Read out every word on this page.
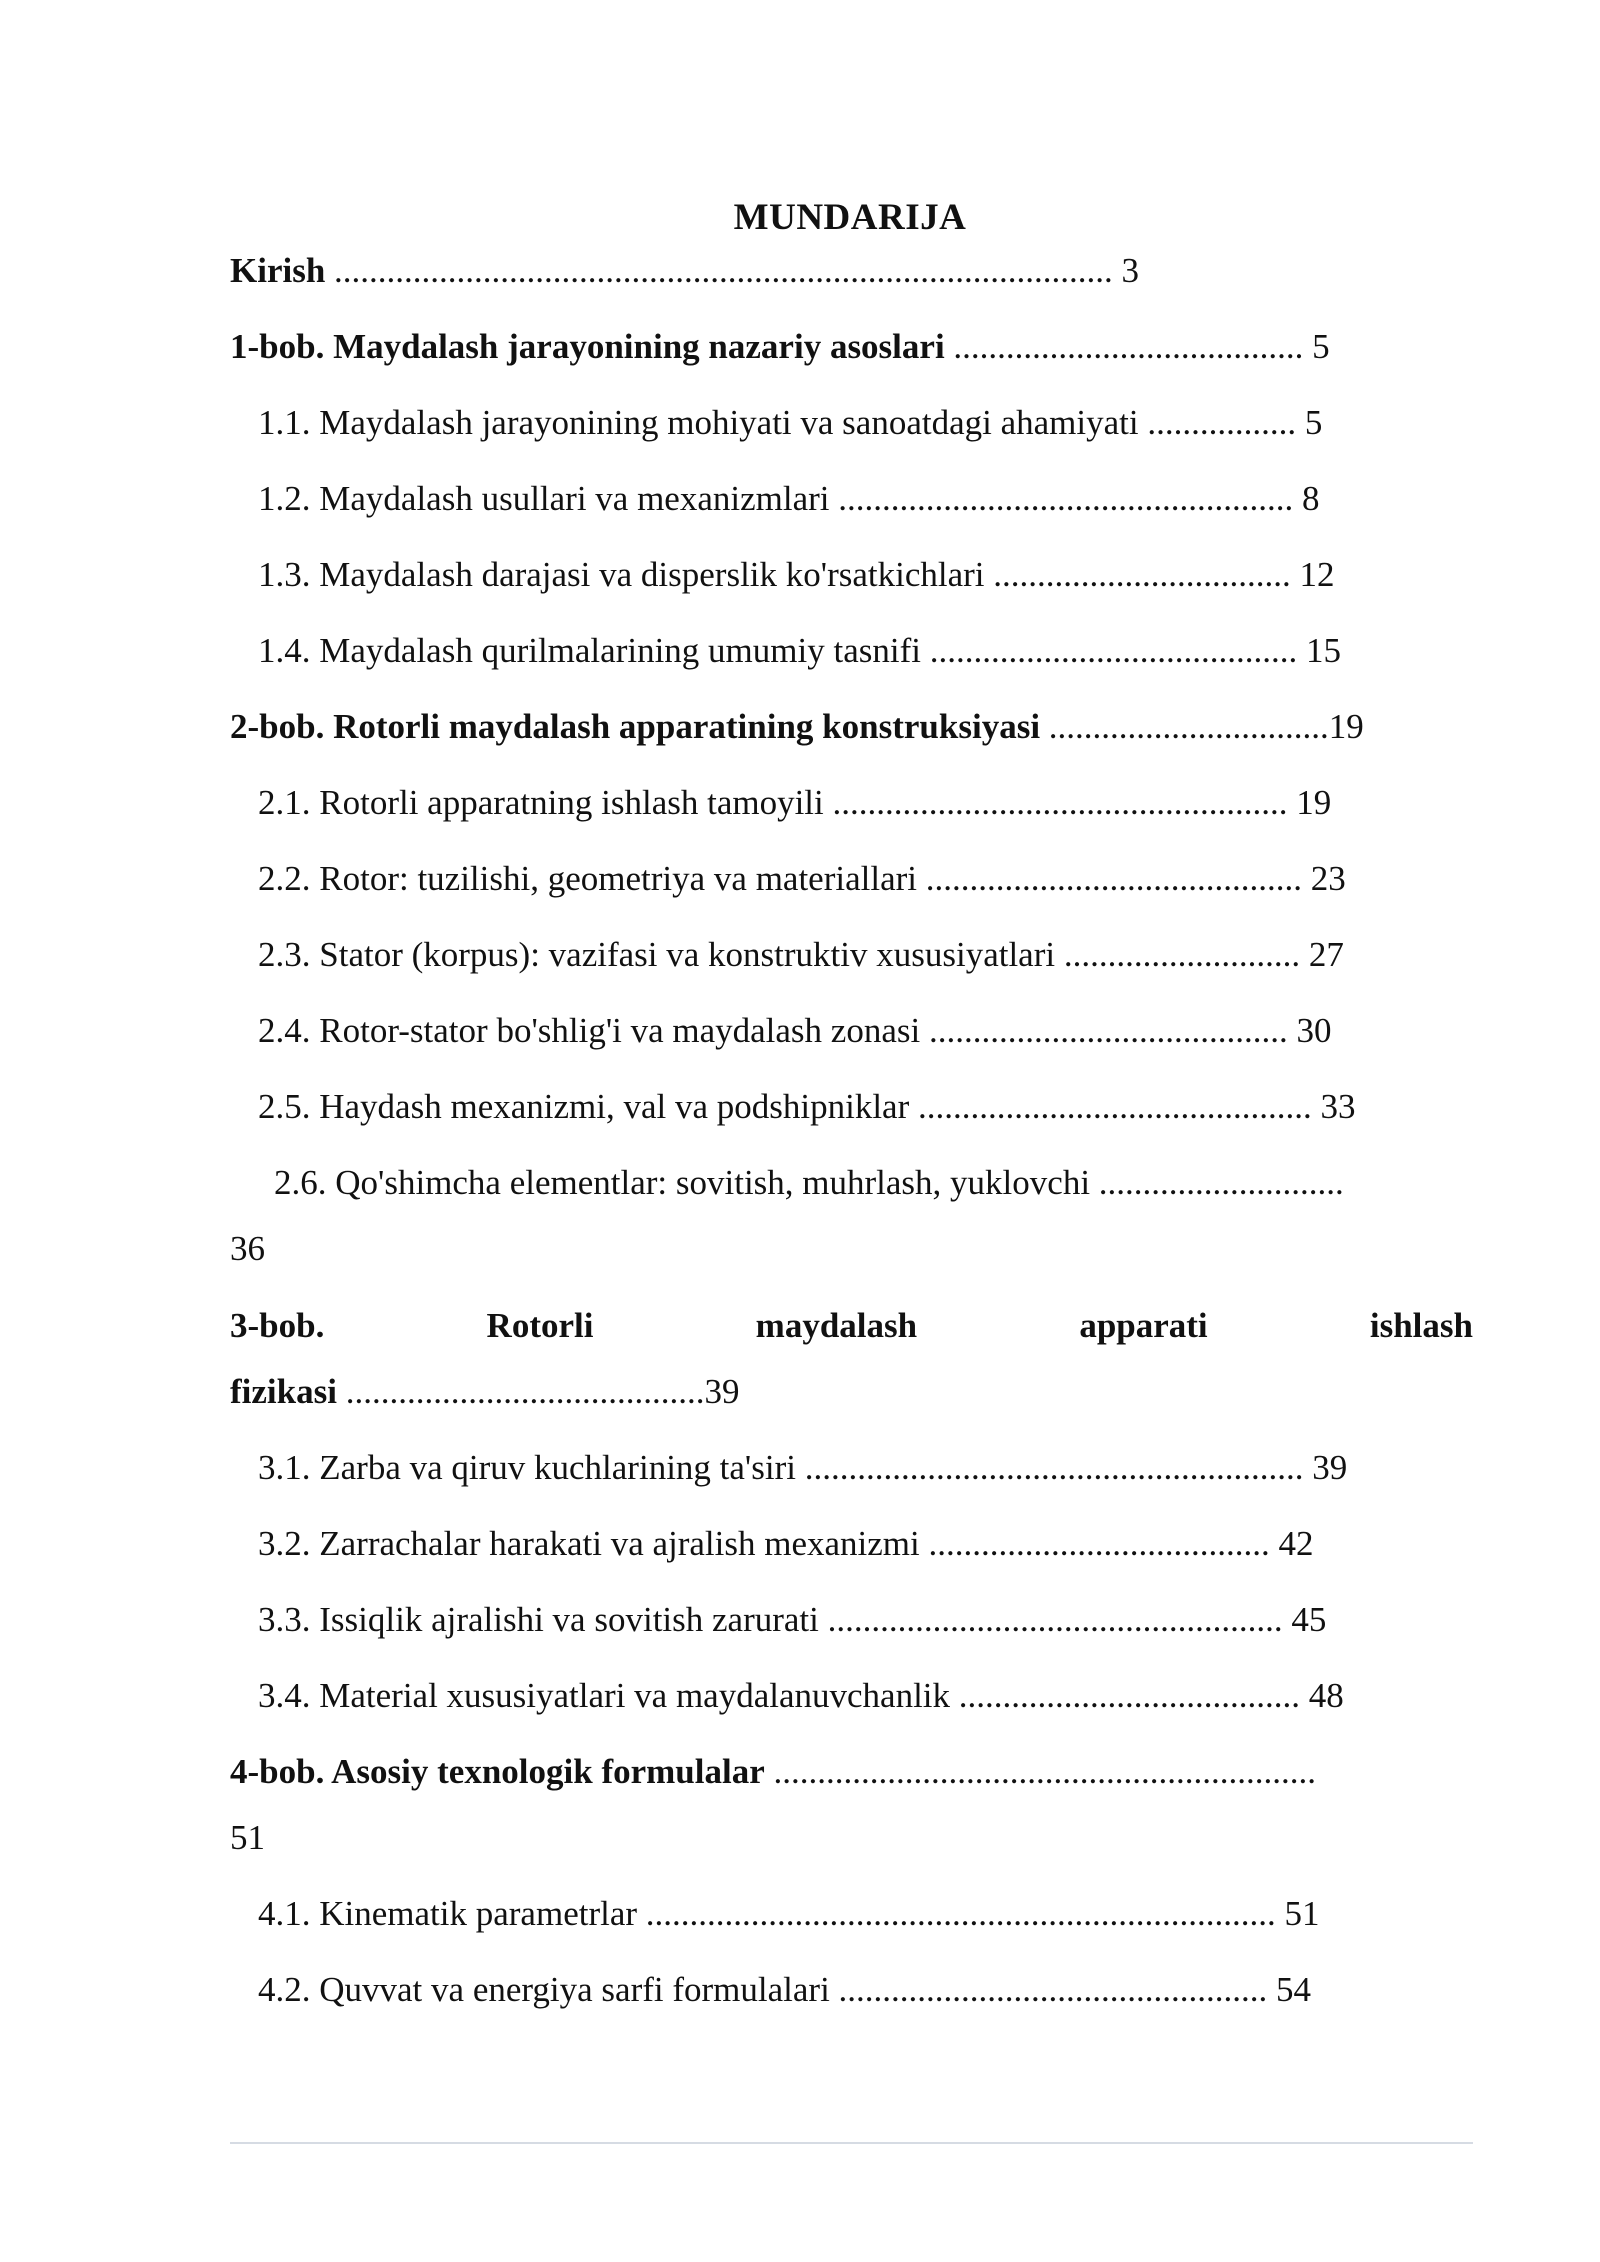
MUNDARIJA
Kirish ......................................................................................... 3
1-bob. Maydalash jarayonining nazariy asoslari ........................................ 5
1.1. Maydalash jarayonining mohiyati va sanoatdagi ahamiyati ................. 5
1.2. Maydalash usullari va mexanizmlari .................................................... 8
1.3. Maydalash darajasi va disperslik ko'rsatkichlari .................................. 12
1.4. Maydalash qurilmalarining umumiy tasnifi .......................................... 15
2-bob. Rotorli maydalash apparatining konstruksiyasi ................................19
2.1. Rotorli apparatning ishlash tamoyili .................................................... 19
2.2. Rotor: tuzilishi, geometriya va materiallari ........................................... 23
2.3. Stator (korpus): vazifasi va konstruktiv xususiyatlari ........................... 27
2.4. Rotor-stator bo'shlig'i va maydalash zonasi ......................................... 30
2.5. Haydash mexanizmi, val va podshipniklar ............................................. 33
2.6. Qo'shimcha elementlar: sovitish, muhrlash, yuklovchi ............................
36
3-bob.	Rotorli	maydalash	apparati	ishlash
fizikasi .........................................39
3.1. Zarba va qiruv kuchlarining ta'siri ......................................................... 39
3.2. Zarrachalar harakati va ajralish mexanizmi ....................................... 42
3.3. Issiqlik ajralishi va sovitish zarurati .................................................... 45
3.4. Material xususiyatlari va maydalanuvchanlik ....................................... 48
4-bob. Asosiy texnologik formulalar ..............................................................
51
4.1. Kinematik parametrlar ........................................................................ 51
4.2. Quvvat va energiya sarfi formulalari ................................................. 54
